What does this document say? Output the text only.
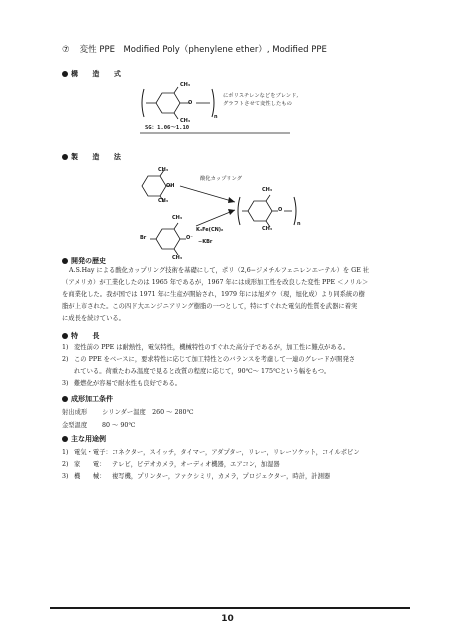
⑦ 変性 PPE　Modified Poly（phenylene ether）, Modified PPE
構 造 式
CH₃
O
CH₃
n
にポリスチレンなどをブレンド,
グラフトさせて変性したもの
SG：1.06～1.10
製 造 法
CH₃
OH
CH₃
酸化カップリング
CH₃
Br	O⁻
CH₃
K₃Fe(CN)₆
−KBr
CH₃
O
CH₃
n
開発の歴史

A.S.Hay による酸化カップリング技術を基礎にして，ポリ（2,6−ジメチルフェニレンエーテル）を GE 社

（アメリカ）が工業化したのは 1965 年であるが，1967 年には成形加工性を改良した変性 PPE ＜ノリル＞

を商業化した。我が国では 1971 年に生産が開始され，1979 年には旭ダウ（現，旭化成）より同系統の樹

脂が上市された。この四ド大エンジニアリング樹脂の一つとして，特にすぐれた電気的性質を武器に着実

に成長を続けている。

特 長
1) 変性前の PPE は耐熱性，電気特性，機械特性のすぐれた高分子であるが，加工性に難点がある。
2) この PPE をベースに，要求特性に応じて加工特性とのバランスを考慮して一連のグレードが開発さ
れている。荷重たわみ温度で見ると改質の程度に応じて，90℃～ 175℃という幅をもつ。
3) 難燃化が容易で耐水性も良好である。
成形加工条件
射出成形 シリンダー温度　260 ～ 280℃
金型温度 80 ～ 90℃
主な用途例
1) 電気・電子：コネクター，スイッチ，タイマー，アダプター，リレー，リレーソケット，コイルボビン
2) 家　　電： テレビ，ビデオカメラ，オーディオ機器，エアコン，加湿器
3) 機　　械： 複写機，プリンター，ファクシミリ，カメラ，プロジェクター，時計，計測器
10
